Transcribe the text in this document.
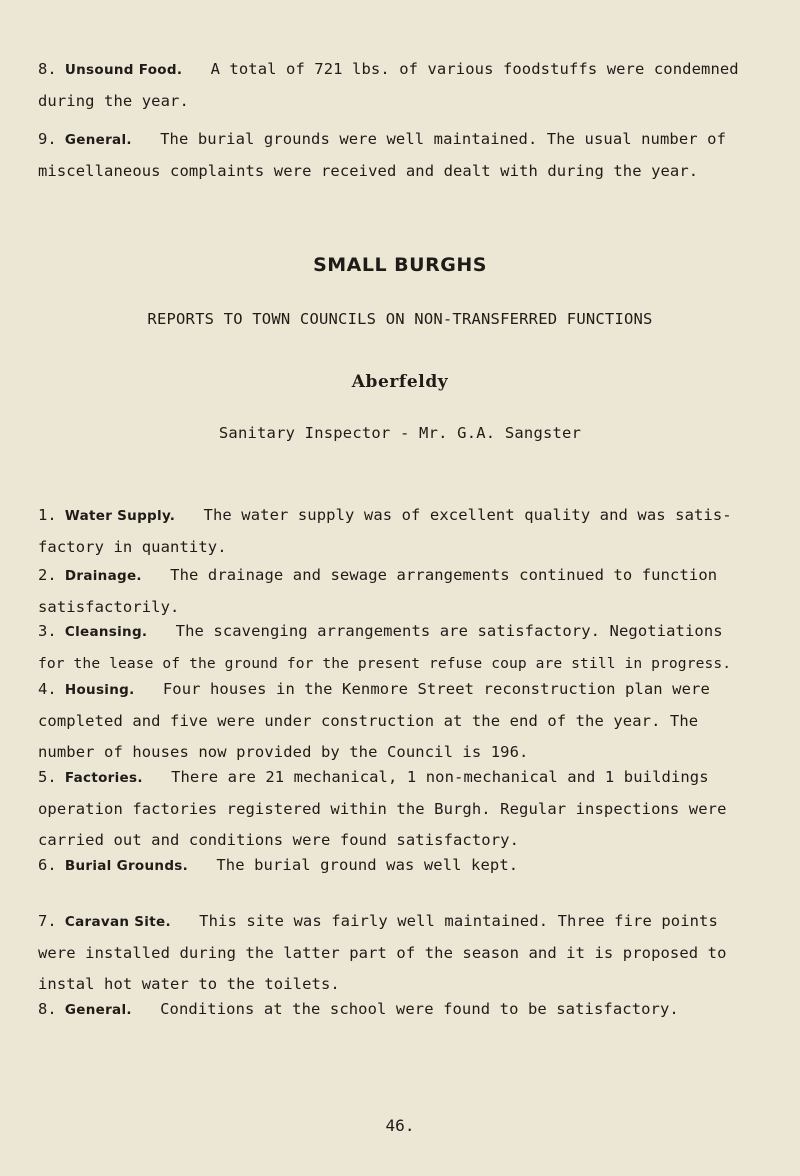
8. Unsound Food. A total of 721 lbs. of various foodstuffs were condemned
during the year.
9. General. The burial grounds were well maintained. The usual number of
miscellaneous complaints were received and dealt with during the year.
SMALL BURGHS
REPORTS TO TOWN COUNCILS ON NON-TRANSFERRED FUNCTIONS
Aberfeldy
Sanitary Inspector - Mr. G.A. Sangster
1. Water Supply. The water supply was of excellent quality and was satis-
factory in quantity.
2. Drainage. The drainage and sewage arrangements continued to function
satisfactorily.
3. Cleansing. The scavenging arrangements are satisfactory. Negotiations
for the lease of the ground for the present refuse coup are still in progress.
4. Housing. Four houses in the Kenmore Street reconstruction plan were
completed and five were under construction at the end of the year. The
number of houses now provided by the Council is 196.
5. Factories. There are 21 mechanical, 1 non-mechanical and 1 buildings
operation factories registered within the Burgh. Regular inspections were
carried out and conditions were found satisfactory.
6. Burial Grounds. The burial ground was well kept.
7. Caravan Site. This site was fairly well maintained. Three fire points
were installed during the latter part of the season and it is proposed to
instal hot water to the toilets.
8. General. Conditions at the school were found to be satisfactory.
46.
